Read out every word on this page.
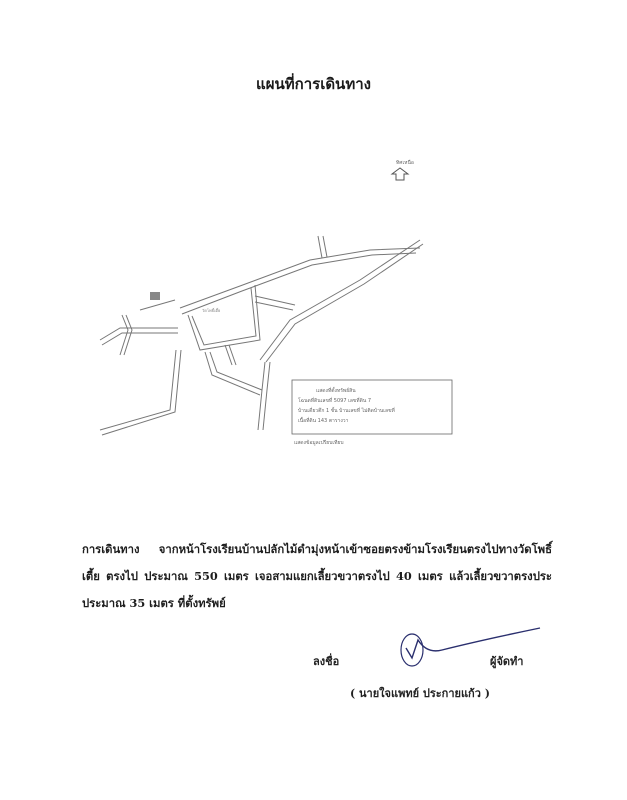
แผนที่การเดินทาง
ทิศเหนือ
วัดโพธิ์เตี้ย
แสดงที่ตั้งทรัพย์สิน
โฉนดที่ดินเลขที่ 5097 เลขที่ดิน 7
บ้านเดี่ยวตึก 1 ชั้น บ้านเลขที่ ไม่ติดบ้านเลขที่
เนื้อที่ดิน 143 ตารางวา
แสดงข้อมูลเปรียบเทียบ
การเดินทาง จากหน้าโรงเรียนบ้านปลักไม้ดำมุ่งหน้าเข้าซอยตรงข้ามโรงเรียนตรงไปทางวัดโพธิ์เตี้ย ตรงไป ประมาณ 550 เมตร เจอสามแยกเลี้ยวขวาตรงไป 40 เมตร แล้วเลี้ยวขวาตรงประประมาณ 35 เมตร ที่ตั้งทรัพย์
ลงชื่อ	ผู้จัดทำ
( นายใจแพทย์ ประกายแก้ว )
